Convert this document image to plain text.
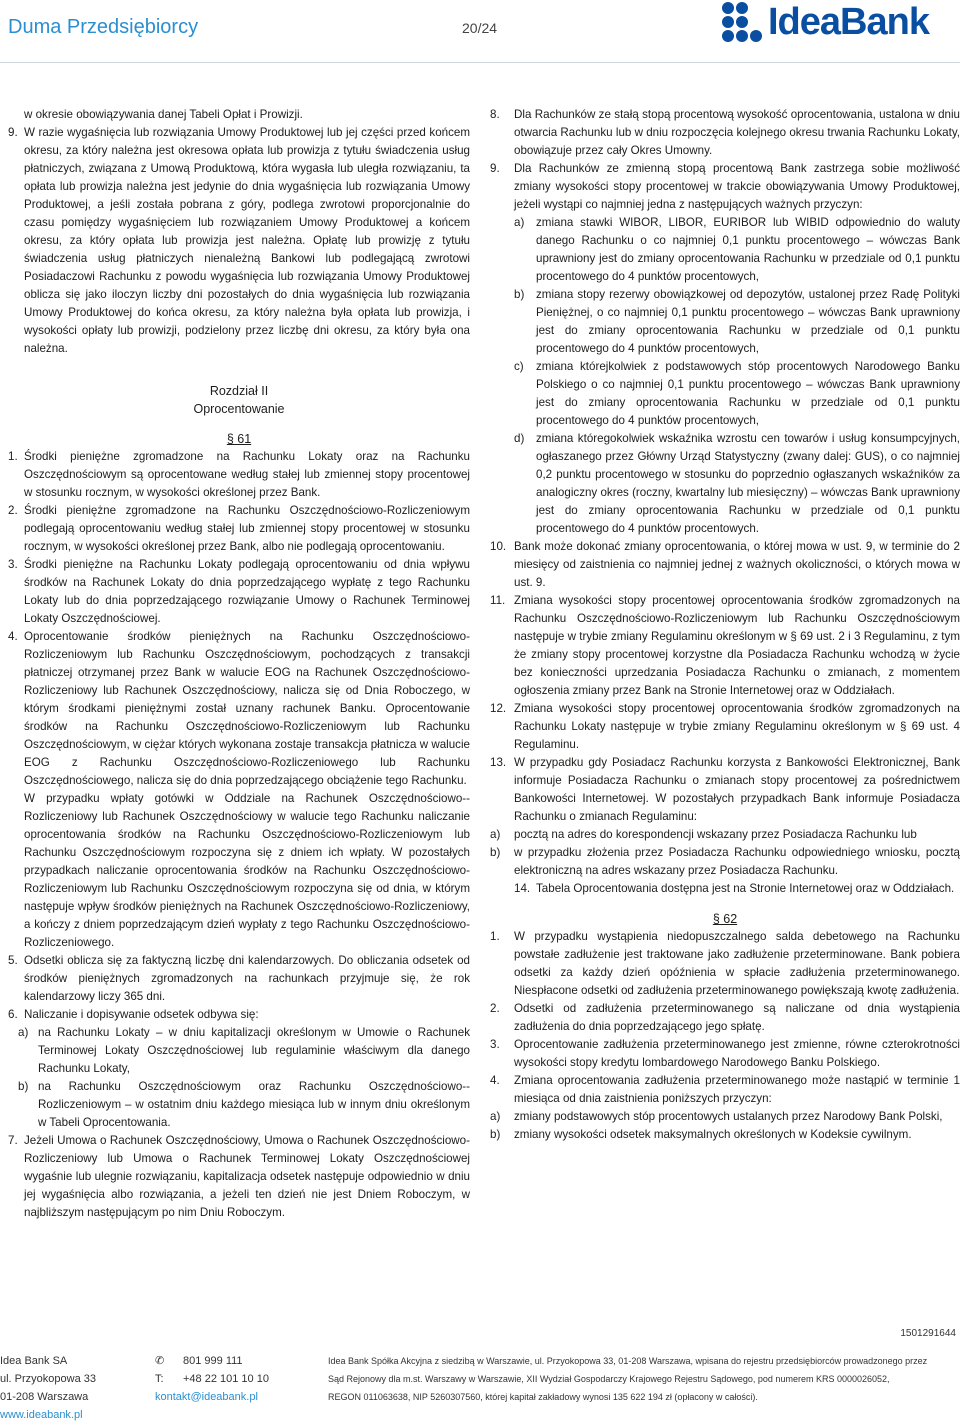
Duma Przedsiębiorcy	20/24	IdeaBank

w okresie obowiązywania danej Tabeli Opłat i Prowizji.

9. W razie wygaśnięcia lub rozwiązania Umowy Produktowej lub jej części przed końcem okresu, za który należna jest okresowa opłata lub prowizja z tytułu świadczenia usług płatniczych, związana z Umową Produktową, która wygasła lub uległa rozwiązaniu, ta opłata lub prowizja należna jest jedynie do dnia wygaśnięcia lub rozwiązania Umowy Produktowej, a jeśli została pobrana z góry, podlega zwrotowi proporcjonalnie do czasu pomiędzy wygaśnięciem lub rozwiązaniem Umowy Produktowej a końcem okresu, za który opłata lub prowizja jest należna. Opłatę lub prowizję z tytułu świadczenia usług płatniczych nienależną Bankowi lub podlegającą zwrotowi Posiadaczowi Rachunku z powodu wygaśnięcia lub rozwiązania Umowy Produktowej oblicza się jako iloczyn liczby dni pozostałych do dnia wygaśnięcia lub rozwiązania Umowy Produktowej do końca okresu, za który należna była opłata lub prowizja, i wysokości opłaty lub prowizji, podzielony przez liczbę dni okresu, za który była ona należna.

Rozdział II
Oprocentowanie
§ 61
1. Środki pieniężne zgromadzone na Rachunku Lokaty oraz na Rachunku Oszczędnościowym są oprocentowane według stałej lub zmiennej stopy procentowej w stosunku rocznym, w wysokości określonej przez Bank.

2. Środki pieniężne zgromadzone na Rachunku Oszczędnościowo-Rozliczeniowym podlegają oprocentowaniu według stałej lub zmiennej stopy procentowej w stosunku rocznym, w wysokości określonej przez Bank, albo nie podlegają oprocentowaniu.

3. Środki pieniężne na Rachunku Lokaty podlegają oprocentowaniu od dnia wpływu środków na Rachunek Lokaty do dnia poprzedzającego wypłatę z tego Rachunku Lokaty lub do dnia poprzedzającego rozwiązanie Umowy o Rachunek Terminowej Lokaty Oszczędnościowej.

4. Oprocentowanie środków pieniężnych na Rachunku Oszczędnościowo-Rozliczeniowym lub Rachunku Oszczędnościowym, pochodzących z transakcji płatniczej otrzymanej przez Bank w walucie EOG na Rachunek Oszczędnościowo-Rozliczeniowy lub Rachunek Oszczędnościowy, nalicza się od Dnia Roboczego, w którym środkami pieniężnymi został uznany rachunek Banku. Oprocentowanie środków na Rachunku Oszczędnościowo-Rozliczeniowym lub Rachunku Oszczędnościowym, w ciężar których wykonana zostaje transakcja płatnicza w walucie EOG z Rachunku Oszczędnościowo-Rozliczeniowego lub Rachunku Oszczędnościowego, nalicza się do dnia poprzedzającego obciążenie tego Rachunku.

W przypadku wpłaty gotówki w Oddziale na Rachunek Oszczędnościowo--Rozliczeniowy lub Rachunek Oszczędnościowy w walucie tego Rachunku naliczanie oprocentowania środków na Rachunku Oszczędnościowo-Rozliczeniowym lub Rachunku Oszczędnościowym rozpoczyna się z dniem ich wpłaty. W pozostałych przypadkach naliczanie oprocentowania środków na Rachunku Oszczędnościowo-Rozliczeniowym lub Rachunku Oszczędnościowym rozpoczyna się od dnia, w którym następuje wpływ środków pieniężnych na Rachunek Oszczędnościowo-Rozliczeniowy, a kończy z dniem poprzedzającym dzień wypłaty z tego Rachunku Oszczędnościowo-Rozliczeniowego.

5. Odsetki oblicza się za faktyczną liczbę dni kalendarzowych. Do obliczania odsetek od środków pieniężnych zgromadzonych na rachunkach przyjmuje się, że rok kalendarzowy liczy 365 dni.

6. Naliczanie i dopisywanie odsetek odbywa się:

a) na Rachunku Lokaty – w dniu kapitalizacji określonym w Umowie o Rachunek Terminowej Lokaty Oszczędnościowej lub regulaminie właściwym dla danego Rachunku Lokaty,

b) na Rachunku Oszczędnościowym oraz Rachunku Oszczędnościowo--Rozliczeniowym – w ostatnim dniu każdego miesiąca lub w innym dniu określonym w Tabeli Oprocentowania.

7. Jeżeli Umowa o Rachunek Oszczędnościowy, Umowa o Rachunek Oszczędnościowo-Rozliczeniowy lub Umowa o Rachunek Terminowej Lokaty Oszczędnościowej wygaśnie lub ulegnie rozwiązaniu, kapitalizacja odsetek następuje odpowiednio w dniu jej wygaśnięcia albo rozwiązania, a jeżeli ten dzień nie jest Dniem Roboczym, w najbliższym następującym po nim Dniu Roboczym.

8. Dla Rachunków ze stałą stopą procentową wysokość oprocentowania, ustalona w dniu otwarcia Rachunku lub w dniu rozpoczęcia kolejnego okresu trwania Rachunku Lokaty, obowiązuje przez cały Okres Umowny.

9. Dla Rachunków ze zmienną stopą procentową Bank zastrzega sobie możliwość zmiany wysokości stopy procentowej w trakcie obowiązywania Umowy Produktowej, jeżeli wystąpi co najmniej jedna z następujących ważnych przyczyn:

a) zmiana stawki WIBOR, LIBOR, EURIBOR lub WIBID odpowiednio do waluty danego Rachunku o co najmniej 0,1 punktu procentowego – wówczas Bank uprawniony jest do zmiany oprocentowania Rachunku w przedziale od 0,1 punktu procentowego do 4 punktów procentowych,

b) zmiana stopy rezerwy obowiązkowej od depozytów, ustalonej przez Radę Polityki Pieniężnej, o co najmniej 0,1 punktu procentowego – wówczas Bank uprawniony jest do zmiany oprocentowania Rachunku w przedziale od 0,1 punktu procentowego do 4 punktów procentowych,

c) zmiana którejkolwiek z podstawowych stóp procentowych Narodowego Banku Polskiego o co najmniej 0,1 punktu procentowego – wówczas Bank uprawniony jest do zmiany oprocentowania Rachunku w przedziale od 0,1 punktu procentowego do 4 punktów procentowych,

d) zmiana któregokolwiek wskaźnika wzrostu cen towarów i usług konsumpcyjnych, ogłaszanego przez Główny Urząd Statystyczny (zwany dalej: GUS), o co najmniej 0,2 punktu procentowego w stosunku do poprzednio ogłaszanych wskaźników za analogiczny okres (roczny, kwartalny lub miesięczny) – wówczas Bank uprawniony jest do zmiany oprocentowania Rachunku w przedziale od 0,1 punktu procentowego do 4 punktów procentowych.

10. Bank może dokonać zmiany oprocentowania, o której mowa w ust. 9, w terminie do 2 miesięcy od zaistnienia co najmniej jednej z ważnych okoliczności, o których mowa w ust. 9.

11. Zmiana wysokości stopy procentowej oprocentowania środków zgromadzonych na Rachunku Oszczędnościowo-Rozliczeniowym lub Rachunku Oszczędnościowym następuje w trybie zmiany Regulaminu określonym w § 69 ust. 2 i 3 Regulaminu, z tym że zmiany stopy procentowej korzystne dla Posiadacza Rachunku wchodzą w życie bez konieczności uprzedzania Posiadacza Rachunku o zmianach, z momentem ogłoszenia zmiany przez Bank na Stronie Internetowej oraz w Oddziałach.

12. Zmiana wysokości stopy procentowej oprocentowania środków zgromadzonych na Rachunku Lokaty następuje w trybie zmiany Regulaminu określonym w § 69 ust. 4 Regulaminu.

13. W przypadku gdy Posiadacz Rachunku korzysta z Bankowości Elektronicznej, Bank informuje Posiadacza Rachunku o zmianach stopy procentowej za pośrednictwem Bankowości Internetowej. W pozostałych przypadkach Bank informuje Posiadacza Rachunku o zmianach Regulaminu:

a) pocztą na adres do korespondencji wskazany przez Posiadacza Rachunku lub

b) w przypadku złożenia przez Posiadacza Rachunku odpowiedniego wniosku, pocztą elektroniczną na adres wskazany przez Posiadacza Rachunku.

14. Tabela Oprocentowania dostępna jest na Stronie Internetowej oraz w Oddziałach.

§ 62
1. W przypadku wystąpienia niedopuszczalnego salda debetowego na Rachunku powstałe zadłużenie jest traktowane jako zadłużenie przeterminowane. Bank pobiera odsetki za każdy dzień opóźnienia w spłacie zadłużenia przeterminowanego. Niespłacone odsetki od zadłużenia przeterminowanego powiększają kwotę zadłużenia.

2. Odsetki od zadłużenia przeterminowanego są naliczane od dnia wystąpienia zadłużenia do dnia poprzedzającego jego spłatę.

3. Oprocentowanie zadłużenia przeterminowanego jest zmienne, równe czterokrotności wysokości stopy kredytu lombardowego Narodowego Banku Polskiego.

4. Zmiana oprocentowania zadłużenia przeterminowanego może nastąpić w terminie 1 miesiąca od dnia zaistnienia poniższych przyczyn:

a) zmiany podstawowych stóp procentowych ustalanych przez Narodowy Bank Polski,

b) zmiany wysokości odsetek maksymalnych określonych w Kodeksie cywilnym.

1501291644
Idea Bank SA
ul. Przyokopowa 33
01-208 Warszawa
www.ideabank.pl
✆ 801 999 111
T: +48 22 101 10 10
kontakt@ideabank.pl
Idea Bank Spółka Akcyjna z siedzibą w Warszawie, ul. Przyokopowa 33, 01-208 Warszawa, wpisana do rejestru przedsiębiorców prowadzonego przez
Sąd Rejonowy dla m.st. Warszawy w Warszawie, XII Wydział Gospodarczy Krajowego Rejestru Sądowego, pod numerem KRS 0000026052,
REGON 011063638, NIP 5260307560, której kapitał zakładowy wynosi 135 622 194 zł (opłacony w całości).
